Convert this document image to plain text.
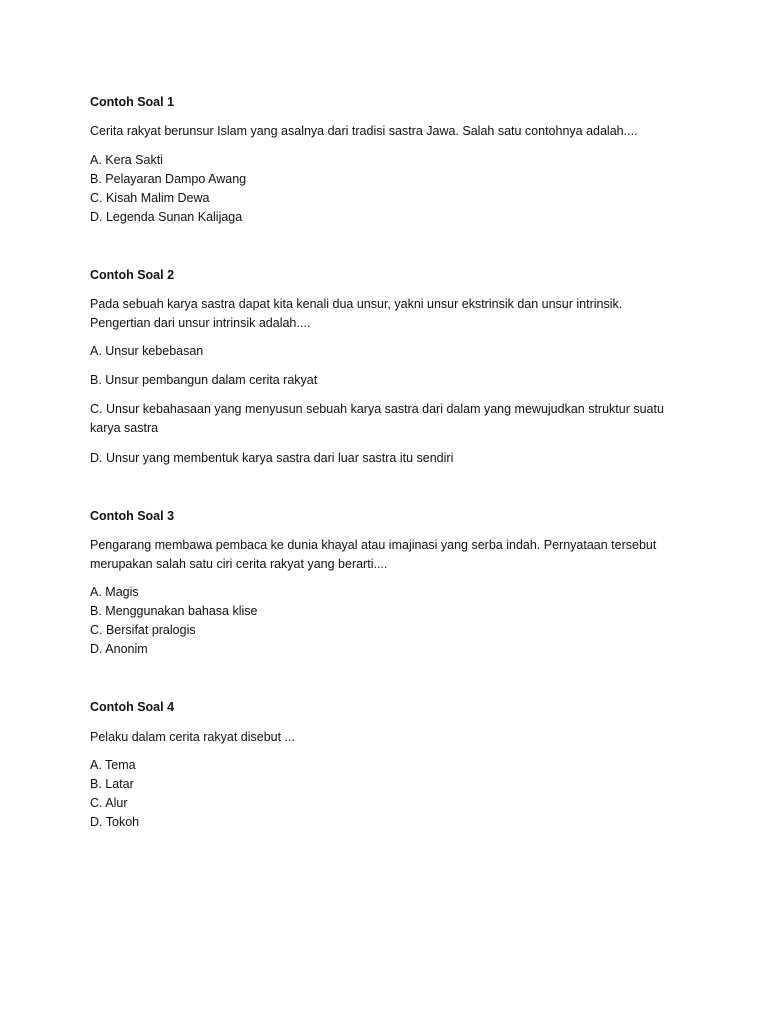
Contoh Soal 1

Cerita rakyat berunsur Islam yang asalnya dari tradisi sastra Jawa. Salah satu contohnya adalah....

A. Kera Sakti

B. Pelayaran Dampo Awang

C. Kisah Malim Dewa

D. Legenda Sunan Kalijaga

Contoh Soal 2

Pada sebuah karya sastra dapat kita kenali dua unsur, yakni unsur ekstrinsik dan unsur intrinsik.

Pengertian dari unsur intrinsik adalah....

A. Unsur kebebasan

B. Unsur pembangun dalam cerita rakyat

C. Unsur kebahasaan yang menyusun sebuah karya sastra dari dalam yang mewujudkan struktur suatu

karya sastra

D. Unsur yang membentuk karya sastra dari luar sastra itu sendiri

Contoh Soal 3

Pengarang membawa pembaca ke dunia khayal atau imajinasi yang serba indah. Pernyataan tersebut

merupakan salah satu ciri cerita rakyat yang berarti....

A. Magis

B. Menggunakan bahasa klise

C. Bersifat pralogis

D. Anonim

Contoh Soal 4

Pelaku dalam cerita rakyat disebut ...

A. Tema

B. Latar

C. Alur

D. Tokoh
